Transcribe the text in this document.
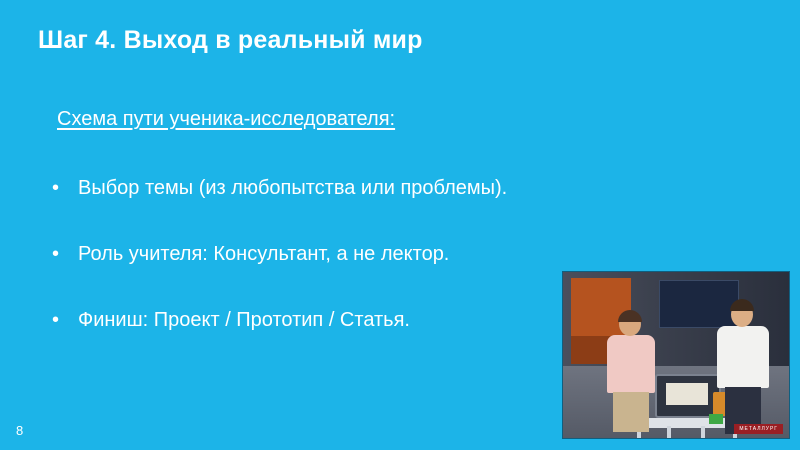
Шаг 4. Выход в реальный мир
Схема пути ученика-исследователя:
• Выбор темы (из любопытства или проблемы).
• Роль учителя: Консультант, а не лектор.
• Финиш: Проект / Прототип / Статья.
8	МЕТАЛЛУРГ
